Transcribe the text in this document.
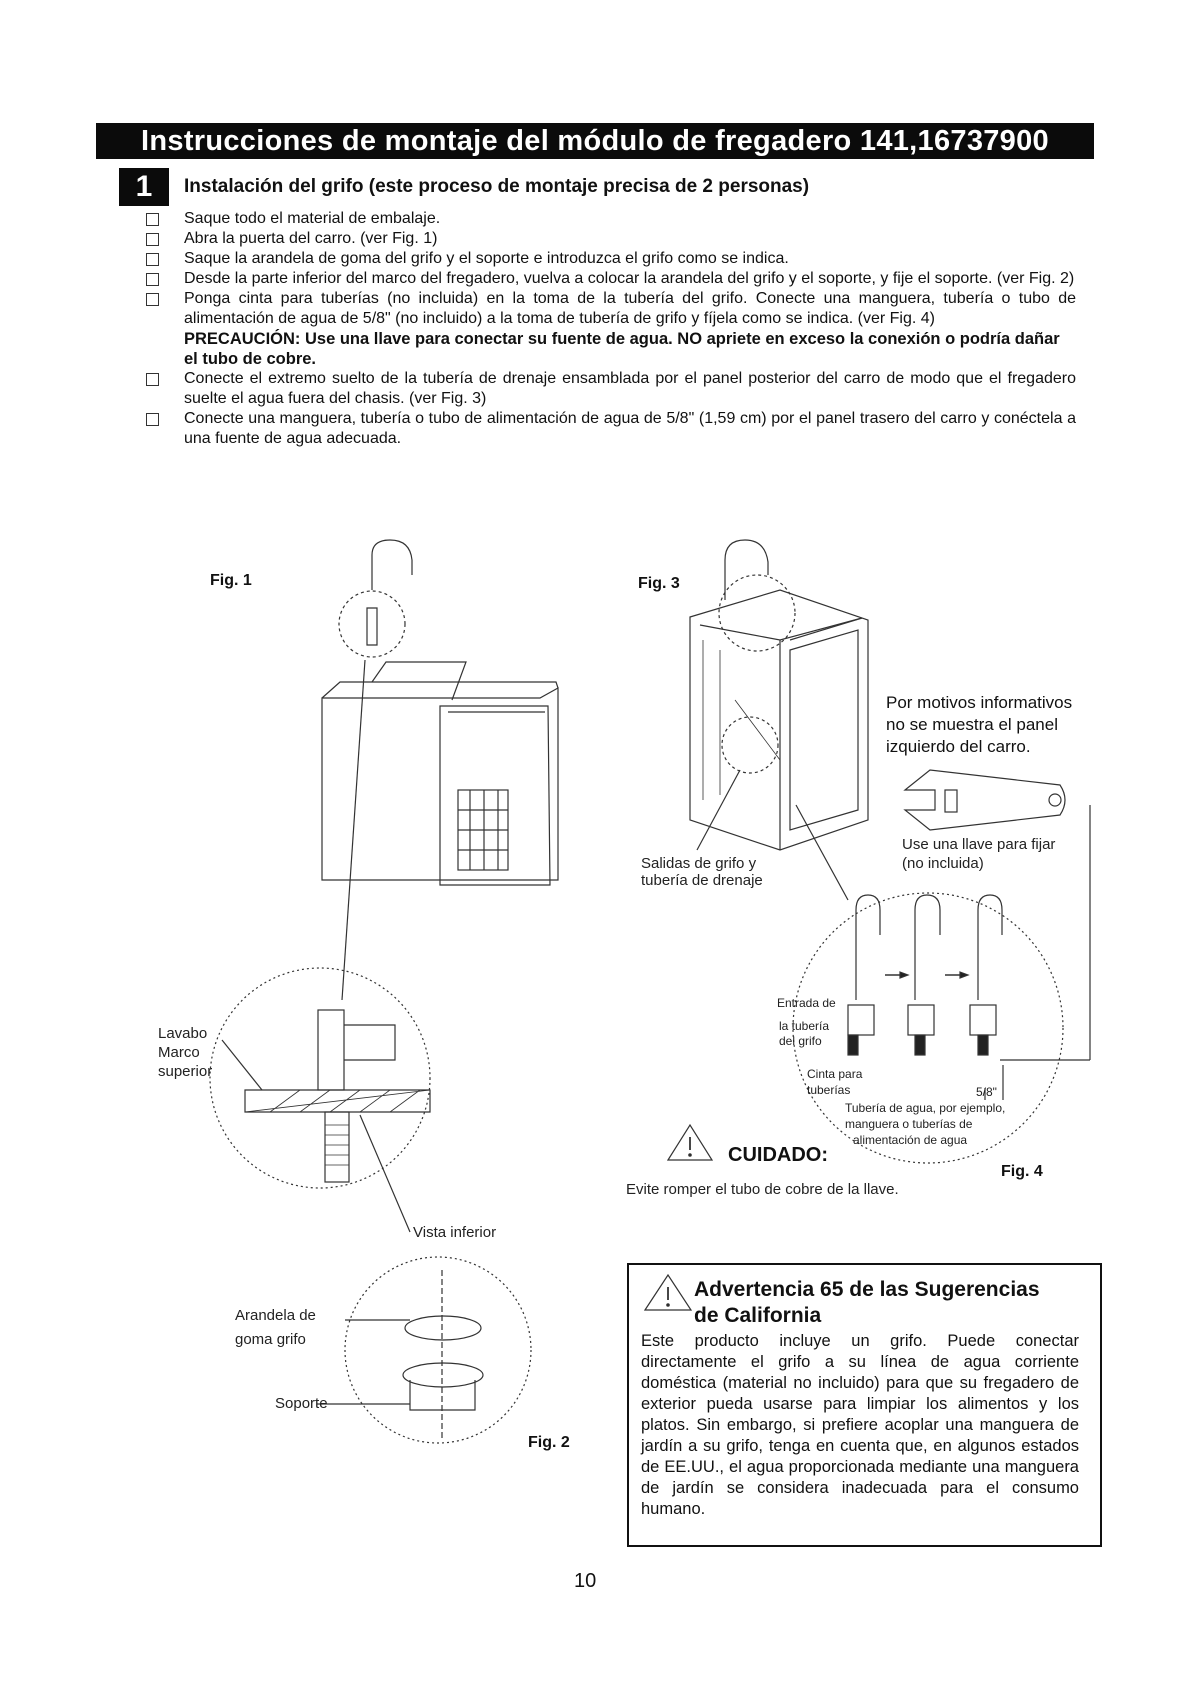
Instrucciones de montaje del módulo de fregadero 141,16737900
1	Instalación del grifo (este proceso de montaje precisa de 2 personas)
Saque todo el material de embalaje.
Abra la puerta del carro. (ver Fig. 1)
Saque la arandela de goma del grifo y el soporte e introduzca el grifo como se indica.
Desde la parte inferior del marco del fregadero, vuelva a colocar la arandela del grifo y el soporte, y fije el soporte. (ver Fig. 2)
Ponga cinta para tuberías (no incluida) en la toma de la tubería del grifo. Conecte una manguera, tubería o tubo de alimentación de agua de 5/8" (no incluido) a la toma de tubería de grifo y fíjela como se indica. (ver Fig. 4)
PRECAUCIÓN: Use una llave para conectar su fuente de agua. NO apriete en exceso la conexión o podría dañar el tubo de cobre.
Conecte el extremo suelto de la tubería de drenaje ensamblada por el panel posterior del carro de modo que el fregadero suelte el agua fuera del chasis. (ver Fig. 3)
Conecte una manguera, tubería o tubo de alimentación de agua de 5/8" (1,59 cm) por el panel trasero del carro y conéctela a una fuente de agua adecuada.
Fig. 1	Fig. 3
Fig. 4
Fig. 2
Lavabo
Marco
superior
Vista inferior
Arandela de
goma grifo
Soporte
Salidas de grifo y
tubería de drenaje
Por motivos informativos
no se muestra el panel
izquierdo del carro.
Use una llave para fijar
(no incluida)
Entrada de
la tubería
del grifo
Cinta para
tuberías	5/8"
Tubería de agua, por ejemplo,
manguera o tuberías de
alimentación de agua
CUIDADO:
Evite romper el tubo de cobre de la llave.
Advertencia 65 de las Sugerencias
de California
Este producto incluye un grifo. Puede conectar directamente el grifo a su línea de agua corriente doméstica (material no incluido) para que su fregadero de exterior pueda usarse para limpiar los alimentos y los platos. Sin embargo, si prefiere acoplar una manguera de jardín a su grifo, tenga en cuenta que, en algunos estados de EE.UU., el agua proporcionada mediante una manguera de jardín se considera inadecuada para el consumo humano.
10
